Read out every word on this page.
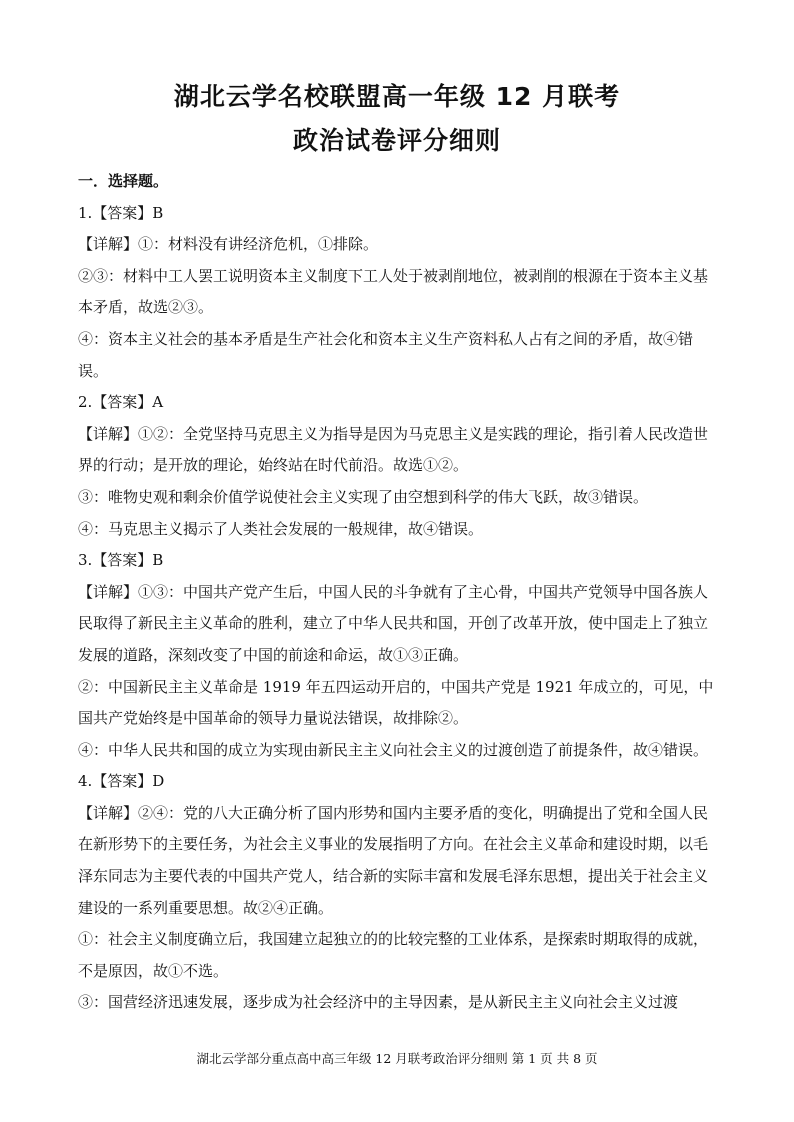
湖北云学名校联盟高一年级 12 月联考
政治试卷评分细则

一．选择题。

1.【答案】B

【详解】①：材料没有讲经济危机，①排除。

②③：材料中工人罢工说明资本主义制度下工人处于被剥削地位，被剥削的根源在于资本主义基本矛盾，故选②③。

④：资本主义社会的基本矛盾是生产社会化和资本主义生产资料私人占有之间的矛盾，故④错误。

2.【答案】A

【详解】①②：全党坚持马克思主义为指导是因为马克思主义是实践的理论，指引着人民改造世界的行动；是开放的理论，始终站在时代前沿。故选①②。

③：唯物史观和剩余价值学说使社会主义实现了由空想到科学的伟大飞跃，故③错误。

④：马克思主义揭示了人类社会发展的一般规律，故④错误。

3.【答案】B

【详解】①③：中国共产党产生后，中国人民的斗争就有了主心骨，中国共产党领导中国各族人民取得了新民主主义革命的胜利，建立了中华人民共和国，开创了改革开放，使中国走上了独立发展的道路，深刻改变了中国的前途和命运，故①③正确。

②：中国新民主主义革命是 1919 年五四运动开启的，中国共产党是 1921 年成立的，可见，中国共产党始终是中国革命的领导力量说法错误，故排除②。

④：中华人民共和国的成立为实现由新民主主义向社会主义的过渡创造了前提条件，故④错误。

4.【答案】D

【详解】②④：党的八大正确分析了国内形势和国内主要矛盾的变化，明确提出了党和全国人民在新形势下的主要任务，为社会主义事业的发展指明了方向。在社会主义革命和建设时期，以毛泽东同志为主要代表的中国共产党人，结合新的实际丰富和发展毛泽东思想，提出关于社会主义建设的一系列重要思想。故②④正确。

①：社会主义制度确立后，我国建立起独立的的比较完整的工业体系，是探索时期取得的成就，不是原因，故①不选。

③：国营经济迅速发展，逐步成为社会经济中的主导因素，是从新民主主义向社会主义过渡

湖北云学部分重点高中高三年级 12 月联考政治评分细则 第 1 页 共 8 页
